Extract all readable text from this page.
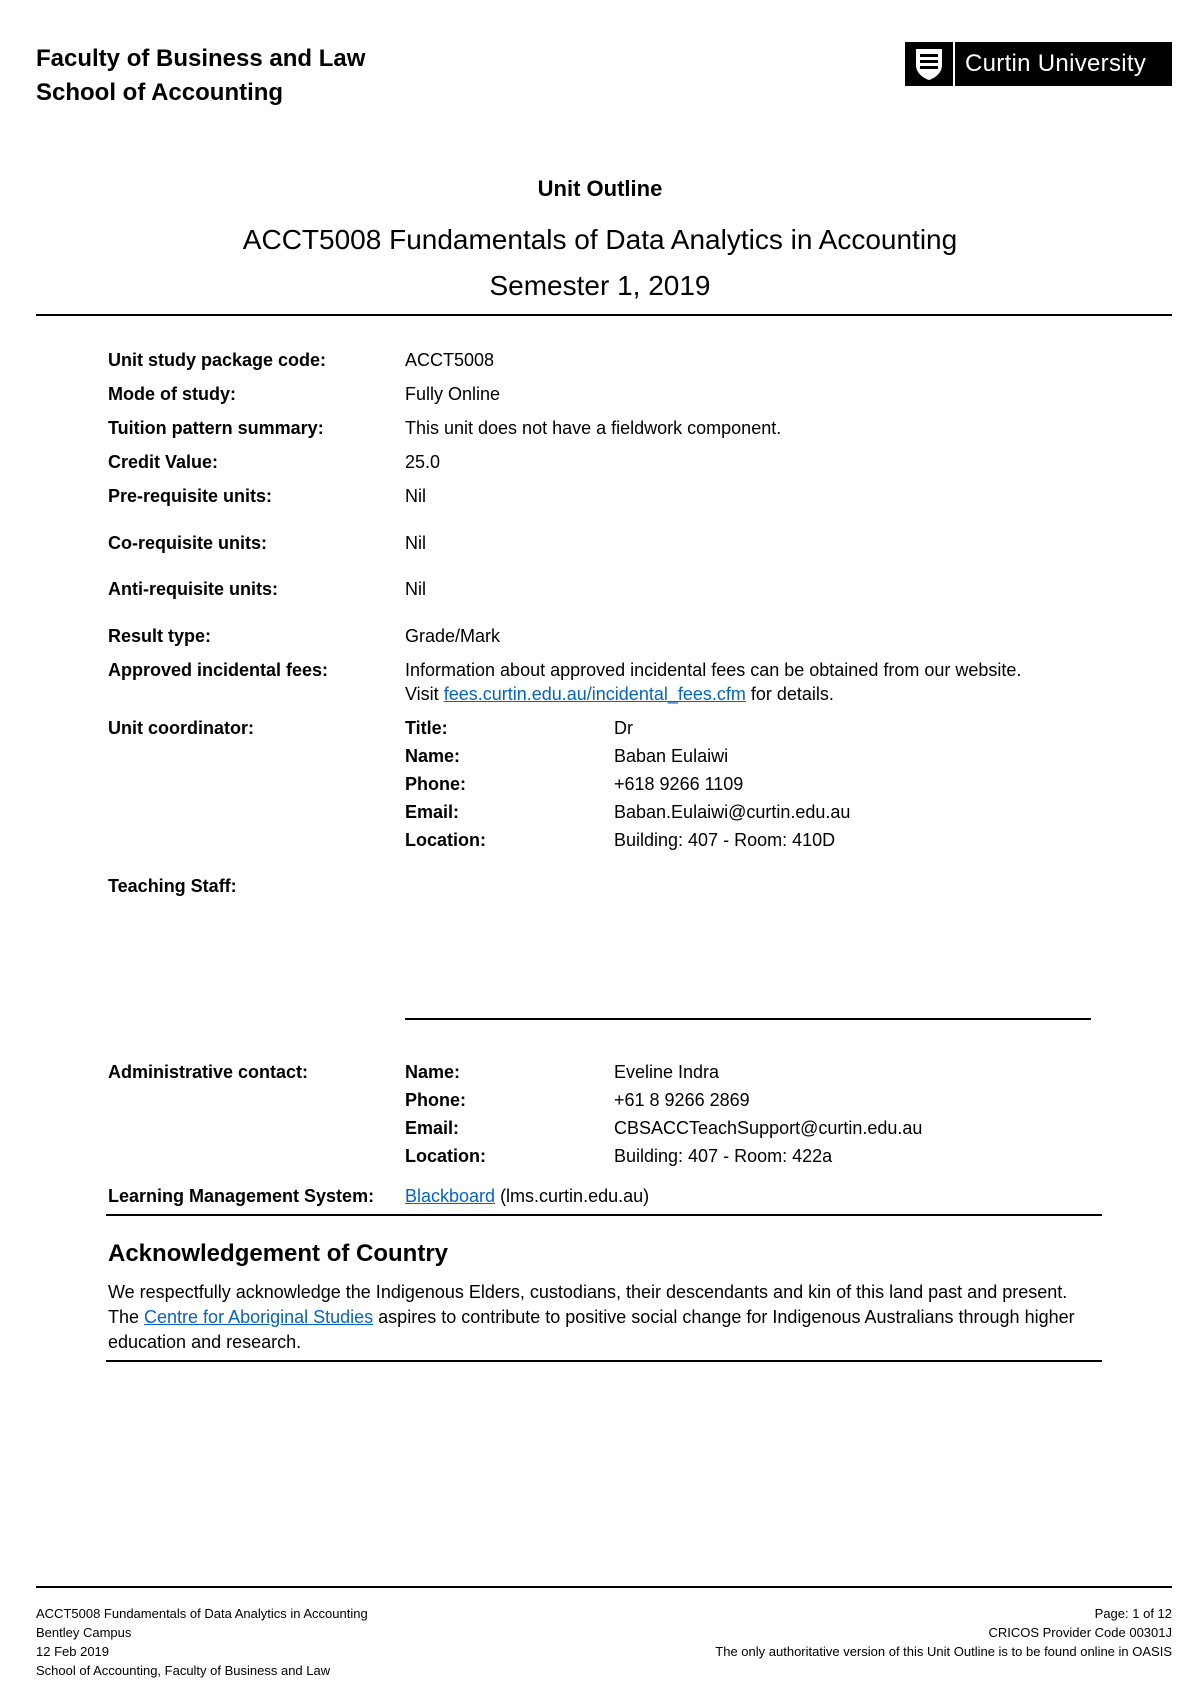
Faculty of Business and Law
School of Accounting
Curtin University
Unit Outline
ACCT5008 Fundamentals of Data Analytics in Accounting
Semester 1, 2019
Unit study package code:	ACCT5008
Mode of study:	Fully Online
Tuition pattern summary:	This unit does not have a fieldwork component.
Credit Value:	25.0
Pre-requisite units:	Nil
Co-requisite units:	Nil
Anti-requisite units:	Nil
Result type:	Grade/Mark
Approved incidental fees:	Information about approved incidental fees can be obtained from our website.
Visit fees.curtin.edu.au/incidental_fees.cfm for details.
Unit coordinator:	Title:	Dr
Name:	Baban Eulaiwi
Phone:	+618 9266 1109
Email:	Baban.Eulaiwi@curtin.edu.au
Location:	Building: 407 - Room: 410D
Teaching Staff:
Administrative contact:	Name:	Eveline Indra
Phone:	+61 8 9266 2869
Email:	CBSACCTeachSupport@curtin.edu.au
Location:	Building: 407 - Room: 422a
Learning Management System: Blackboard (lms.curtin.edu.au)
Acknowledgement of Country
We respectfully acknowledge the Indigenous Elders, custodians, their descendants and kin of this land past and present. The Centre for Aboriginal Studies aspires to contribute to positive social change for Indigenous Australians through higher education and research.
ACCT5008 Fundamentals of Data Analytics in Accounting
Bentley Campus
12 Feb 2019
School of Accounting, Faculty of Business and Law
Page: 1 of 12
CRICOS Provider Code 00301J
The only authoritative version of this Unit Outline is to be found online in OASIS
